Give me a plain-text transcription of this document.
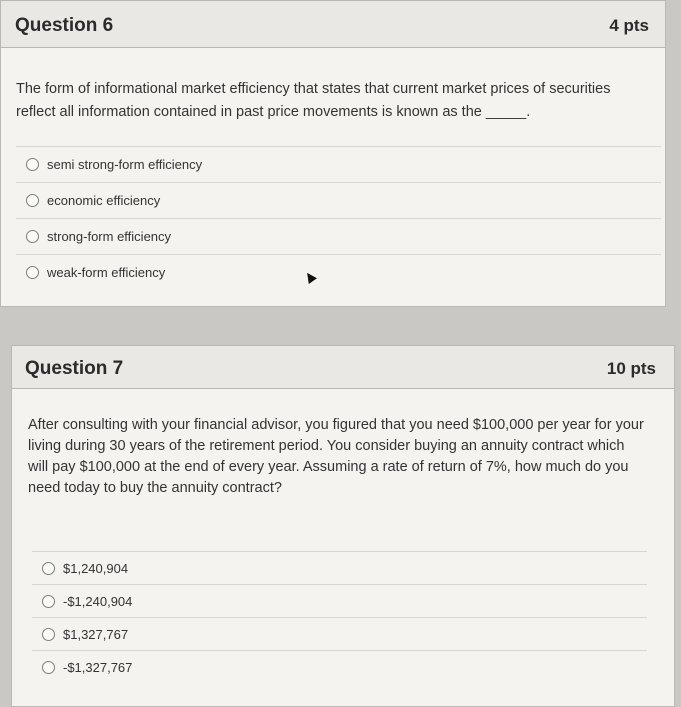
Question 6	4 pts
The form of informational market efficiency that states that current market prices of securities reflect all information contained in past price movements is known as the _____.
semi strong-form efficiency
economic efficiency
strong-form efficiency
weak-form efficiency
Question 7	10 pts
After consulting with your financial advisor, you figured that you need $100,000 per year for your living during 30 years of the retirement period. You consider buying an annuity contract which will pay $100,000 at the end of every year. Assuming a rate of return of 7%, how much do you need today to buy the annuity contract?
$1,240,904
-$1,240,904
$1,327,767
-$1,327,767
